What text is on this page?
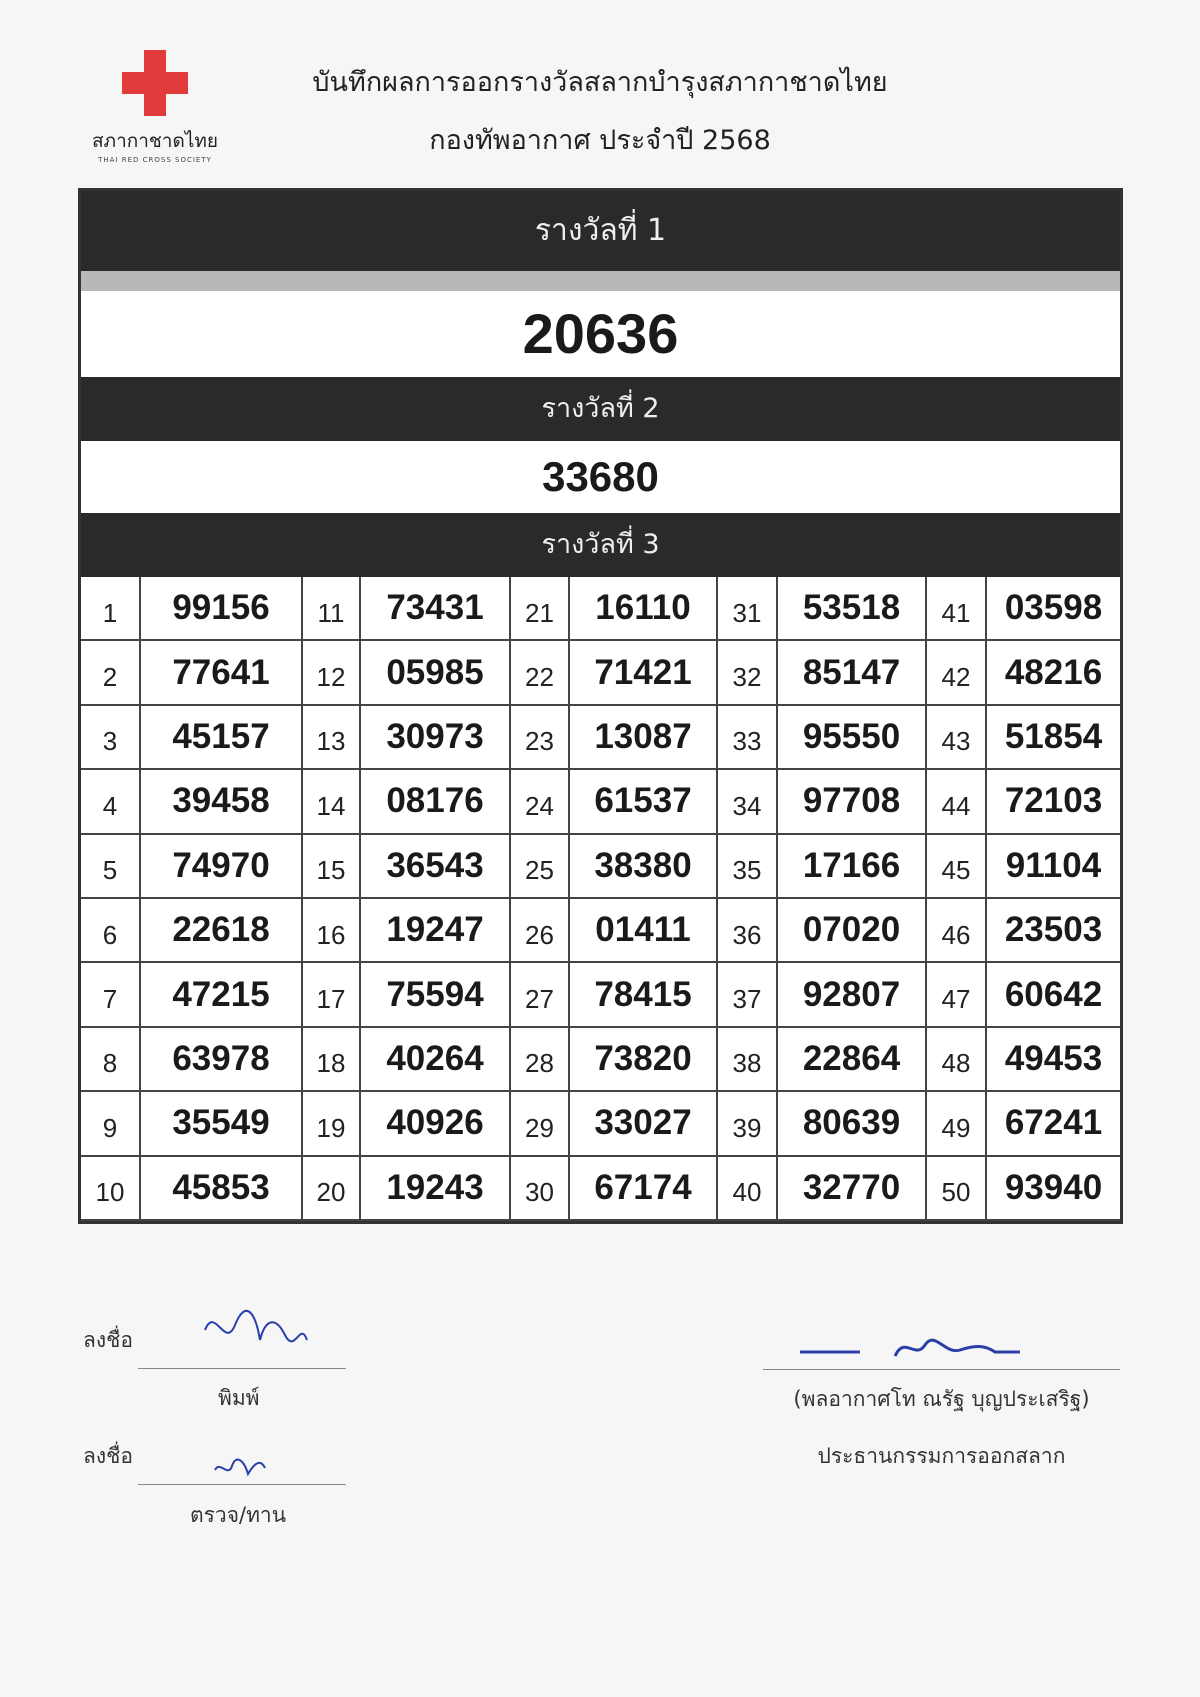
สภากาชาดไทย
THAI RED CROSS SOCIETY
บันทึกผลการออกรางวัลสลากบำรุงสภากาชาดไทย
กองทัพอากาศ ประจำปี 2568
รางวัลที่ 1
20636
รางวัลที่ 2
33680
รางวัลที่ 3
1	99156	11	73431	21	16110	31	53518	41 03598
2	77641	12	05985	22	71421	32	85147	42 48216
3	45157	13	30973	23	13087	33	95550	43 51854
4	39458	14	08176	24	61537	34	97708	44 72103
5	74970	15	36543	25	38380	35	17166	45	91104
6	22618	16	19247	26	01411	36	07020	46 23503
7	47215	17	75594	27	78415	37	92807	47 60642
8	63978	18	40264	28	73820	38	22864	48 49453
9	35549	19	40926	29	33027	39	80639	49 67241
10	45853	20	19243	30	67174	40	32770	50 93940
ลงชื่อ
พิมพ์
ลงชื่อ
ตรวจ/ทาน
(พลอากาศโท ณรัฐ บุญประเสริฐ)
ประธานกรรมการออกสลาก
